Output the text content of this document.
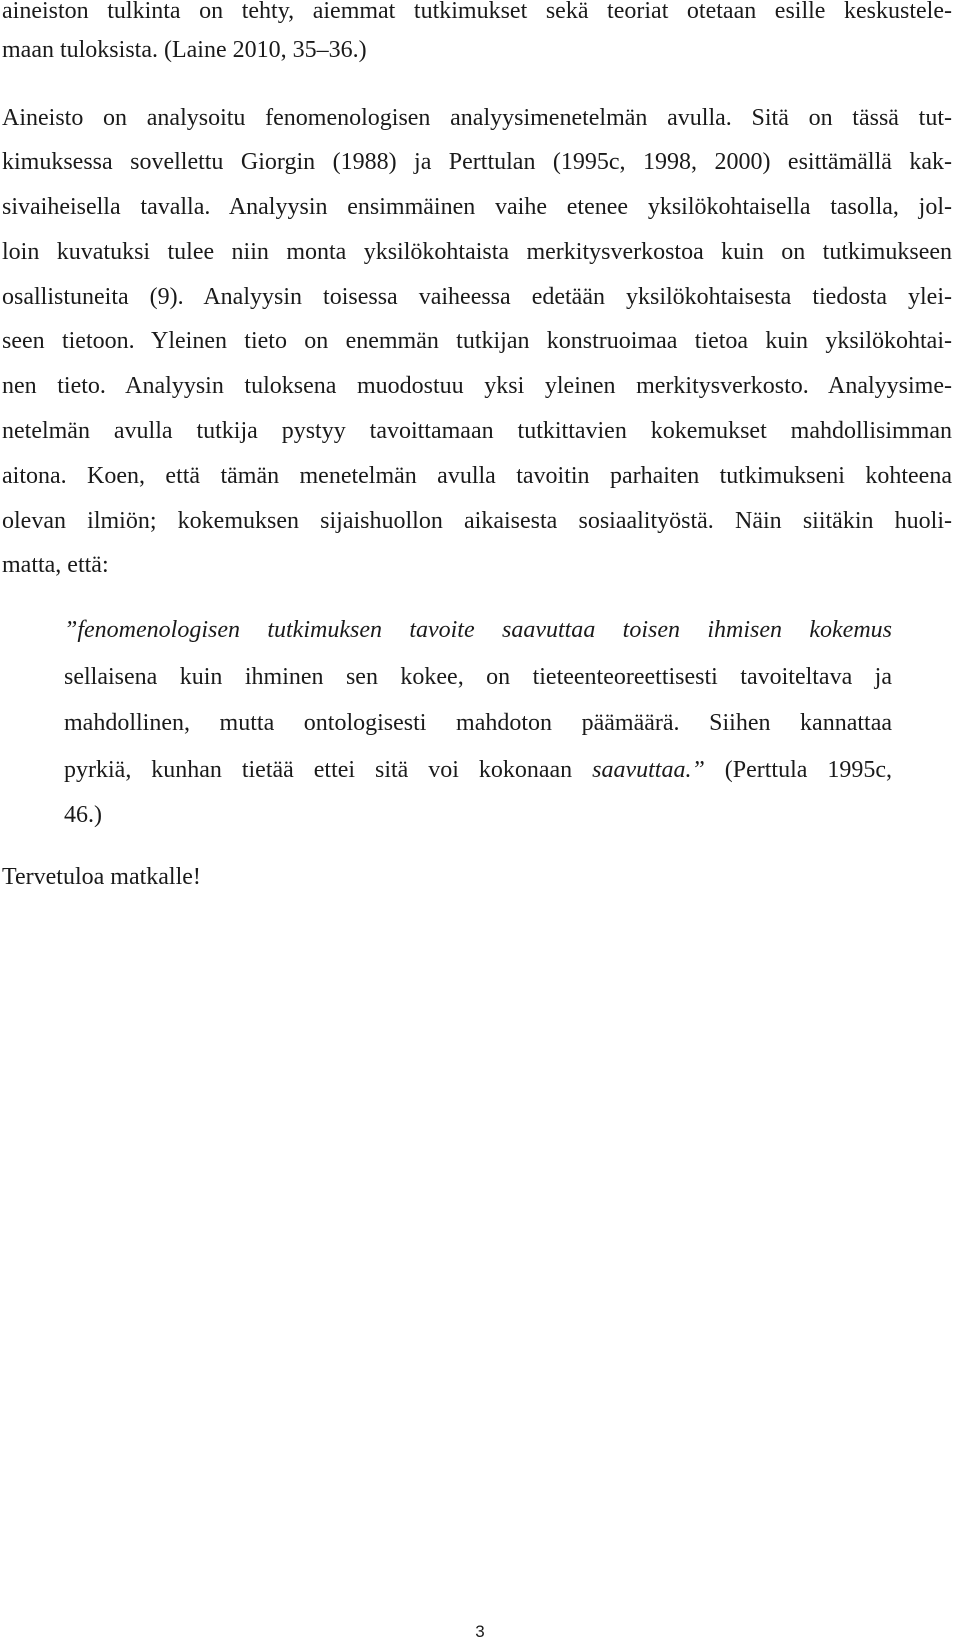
aineiston tulkinta on tehty, aiemmat tutkimukset sekä teoriat otetaan esille keskustele-

maan tuloksista. (Laine 2010, 35–36.)

Aineisto on analysoitu fenomenologisen analyysimenetelmän avulla. Sitä on tässä tut-

kimuksessa sovellettu Giorgin (1988) ja Perttulan (1995c, 1998, 2000) esittämällä kak-

sivaiheisella tavalla. Analyysin ensimmäinen vaihe etenee yksilökohtaisella tasolla, jol-

loin kuvatuksi tulee niin monta yksilökohtaista merkitysverkostoa kuin on tutkimukseen

osallistuneita (9). Analyysin toisessa vaiheessa edetään yksilökohtaisesta tiedosta ylei-

seen tietoon. Yleinen tieto on enemmän tutkijan konstruoimaa tietoa kuin yksilökohtai-

nen tieto. Analyysin tuloksena muodostuu yksi yleinen merkitysverkosto. Analyysime-

netelmän avulla tutkija pystyy tavoittamaan tutkittavien kokemukset mahdollisimman

aitona. Koen, että tämän menetelmän avulla tavoitin parhaiten tutkimukseni kohteena

olevan ilmiön; kokemuksen sijaishuollon aikaisesta sosiaalityöstä. Näin siitäkin huoli-

matta, että:

”fenomenologisen tutkimuksen tavoite saavuttaa toisen ihmisen kokemus

sellaisena kuin ihminen sen kokee, on tieteenteoreettisesti tavoiteltava ja

mahdollinen, mutta ontologisesti mahdoton päämäärä. Siihen kannattaa

pyrkiä, kunhan tietää ettei sitä voi kokonaan saavuttaa.” (Perttula 1995c,

46.)

Tervetuloa matkalle!

3
